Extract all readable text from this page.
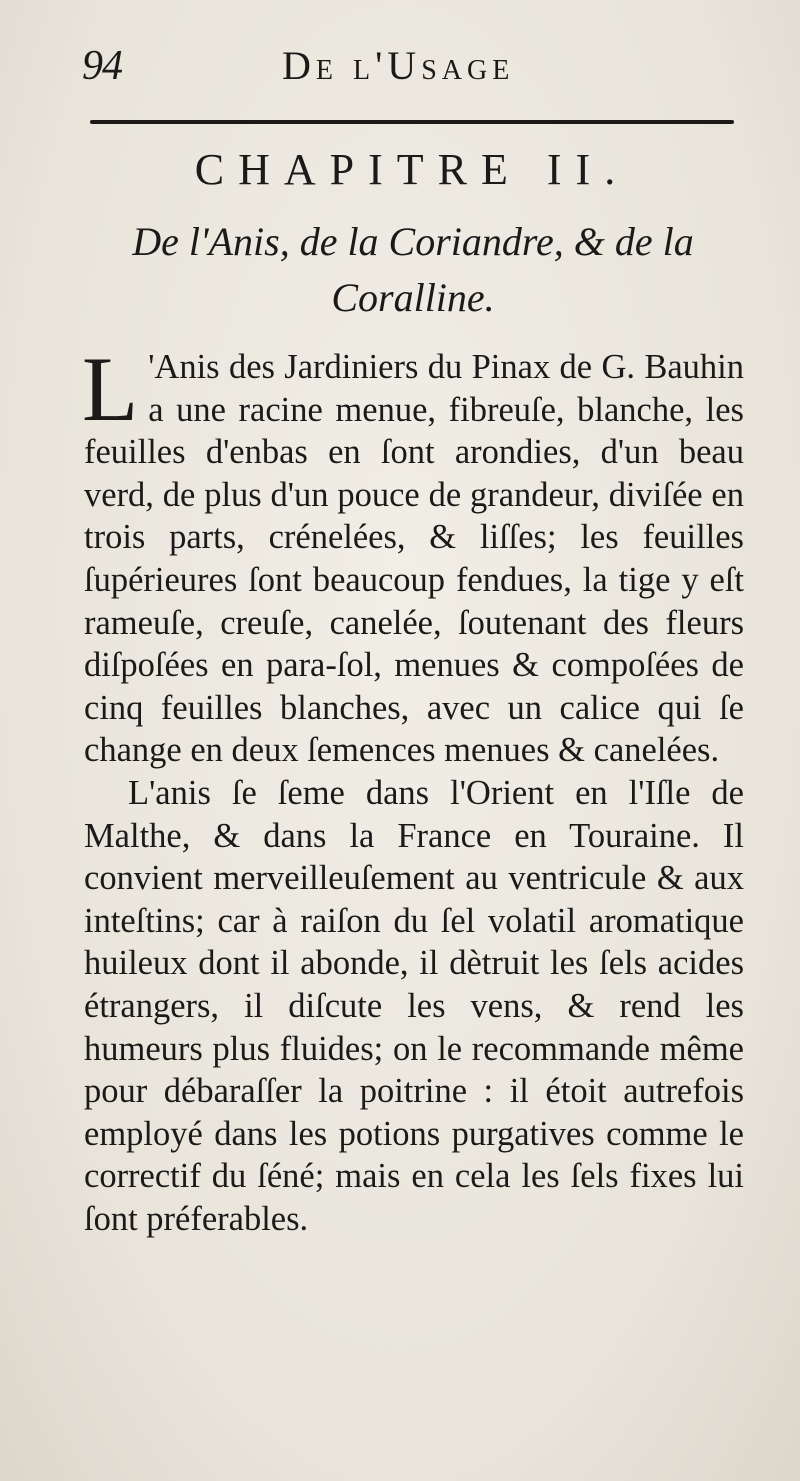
94	De l'Usage
CHAPITRE II.
De l'Anis, de la Coriandre, & de la Coralline.

L 'Anis des Jardiniers du Pinax de G. Bauhin a une racine menue, fibreuſe, blanche, les feuilles d'enbas en ſont arondies, d'un beau verd, de plus d'un pouce de grandeur, diviſée en trois parts, crénelées, & liſſes; les feuilles ſupérieures ſont beaucoup fendues, la tige y eſt rameuſe, creuſe, canelée, ſoutenant des fleurs diſpoſées en para-ſol, menues & compoſées de cinq feuilles blanches, avec un calice qui ſe change en deux ſemences menues & canelées.

L'anis ſe ſeme dans l'Orient en l'Iſle de Malthe, & dans la France en Touraine. Il convient merveilleuſement au ventricule & aux inteſtins; car à raiſon du ſel volatil aromatique huileux dont il abonde, il dètruit les ſels acides étrangers, il diſcute les vens, & rend les humeurs plus fluides; on le recommande même pour débaraſſer la poitrine : il étoit autrefois employé dans les potions purgatives comme le correctif du ſéné; mais en cela les ſels fixes lui ſont préferables.
